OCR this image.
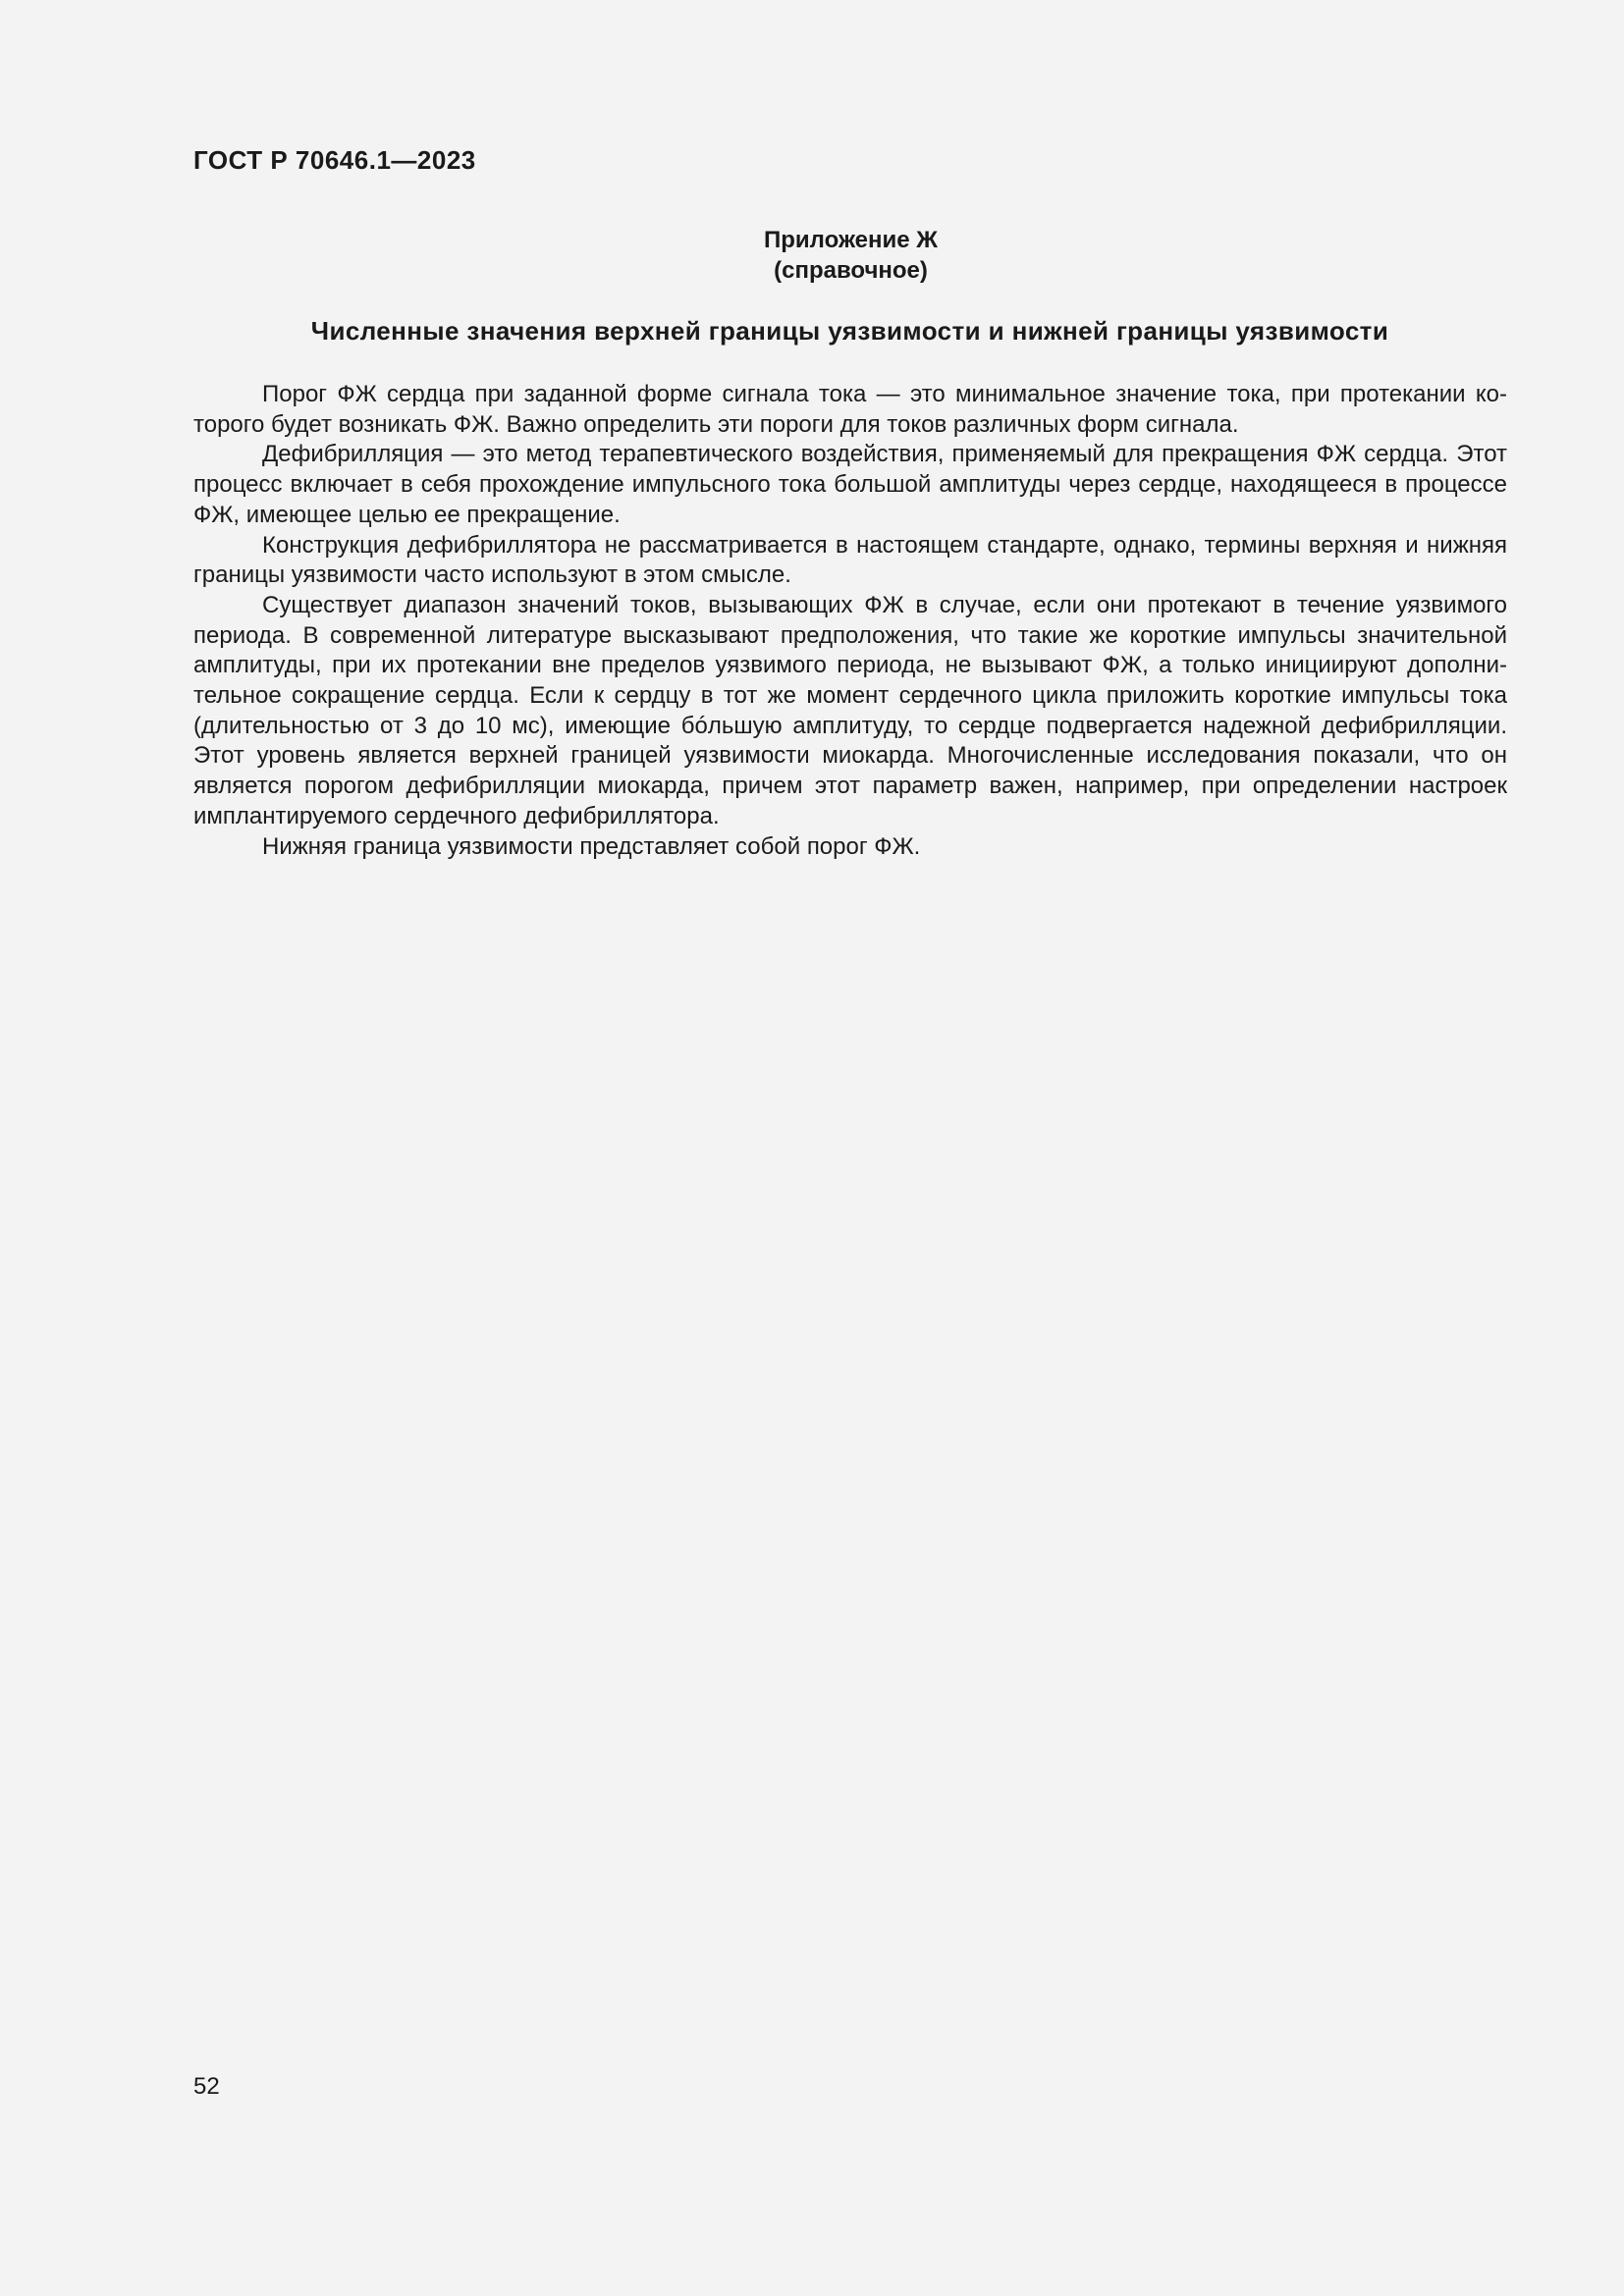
ГОСТ Р 70646.1—2023
Приложение Ж
(справочное)
Численные значения верхней границы уязвимости и нижней границы уязвимости

Порог ФЖ сердца при заданной форме сигнала тока — это минимальное значение тока, при протекании которого будет возникать ФЖ. Важно определить эти пороги для токов различных форм сигнала.

Дефибрилляция — это метод терапевтического воздействия, применяемый для прекращения ФЖ сердца. Этот процесс включает в себя прохождение импульсного тока большой амплитуды через сердце, находящееся в процессе ФЖ, имеющее целью ее прекращение.

Конструкция дефибриллятора не рассматривается в настоящем стандарте, однако, термины верхняя и нижняя границы уязвимости часто используют в этом смысле.

Существует диапазон значений токов, вызывающих ФЖ в случае, если они протекают в течение уязвимого периода. В современной литературе высказывают предположения, что такие же короткие импульсы значительной амплитуды, при их протекании вне пределов уязвимого периода, не вызывают ФЖ, а только инициируют дополнительное сокращение сердца. Если к сердцу в тот же момент сердечного цикла приложить короткие импульсы тока (длительностью от 3 до 10 мс), имеющие бóльшую амплитуду, то сердце подвергается надежной дефибрилляции. Этот уровень является верхней границей уязвимости миокарда. Многочисленные исследования показали, что он является порогом дефибрилляции миокарда, причем этот параметр важен, например, при определении настроек имплантируемого сердечного дефибриллятора.

Нижняя граница уязвимости представляет собой порог ФЖ.

52
